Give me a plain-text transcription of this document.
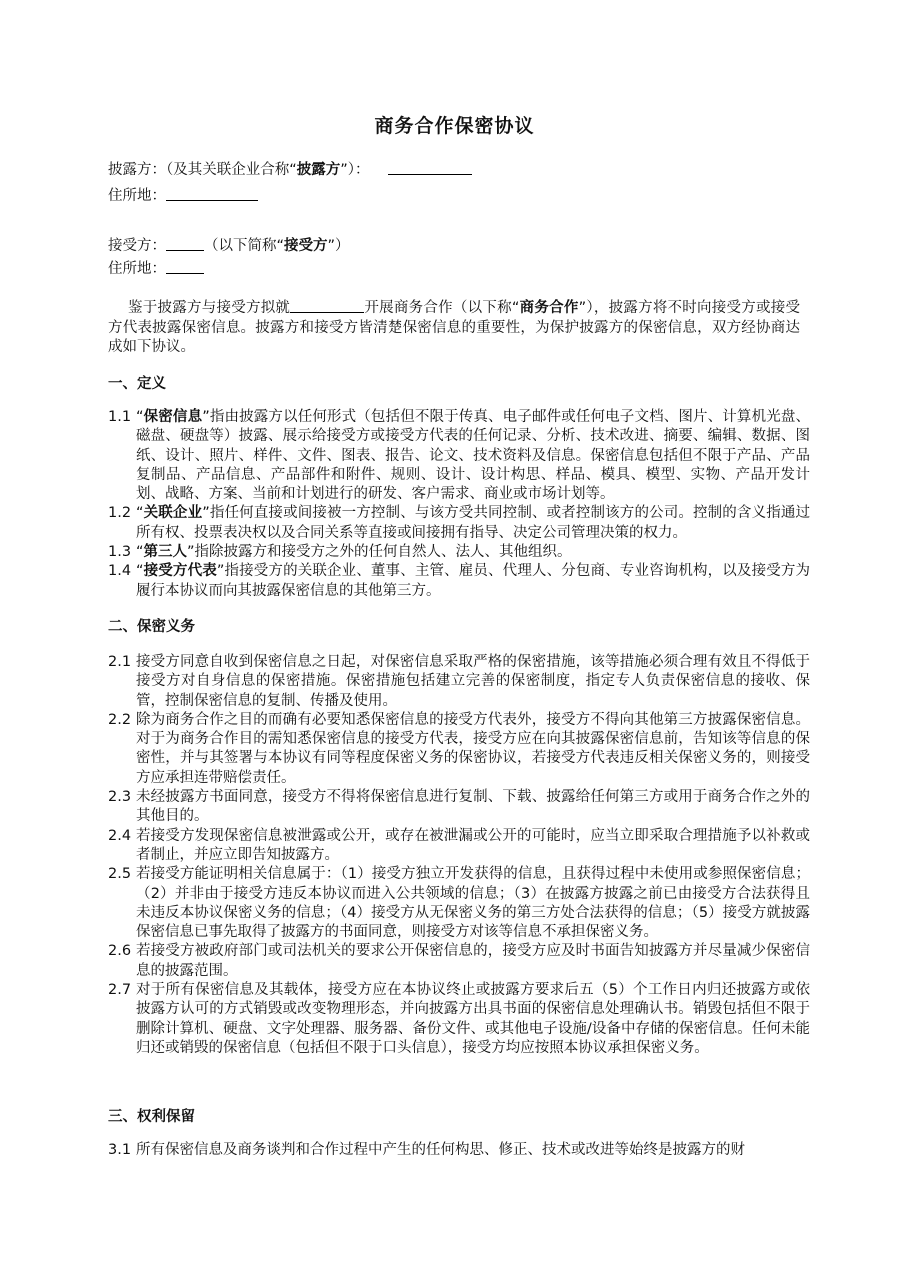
商务合作保密协议
披露方：（及其关联企业合称“披露方”）：
住所地：
接受方：	（以下简称“接受方”）
住所地：
鉴于披露方与接受方拟就	开展商务合作（以下称“商务合作”），披露方将不时向接受方或接受方代表披露保密信息。披露方和接受方皆清楚保密信息的重要性，为保护披露方的保密信息，双方经协商达成如下协议。
一、定义
1.1 “保密信息”指由披露方以任何形式（包括但不限于传真、电子邮件或任何电子文档、图片、计算机光盘、磁盘、硬盘等）披露、展示给接受方或接受方代表的任何记录、分析、技术改进、摘要、编辑、数据、图纸、设计、照片、样件、文件、图表、报告、论文、技术资料及信息。保密信息包括但不限于产品、产品复制品、产品信息、产品部件和附件、规则、设计、设计构思、样品、模具、模型、实物、产品开发计划、战略、方案、当前和计划进行的研发、客户需求、商业或市场计划等。
1.2 “关联企业”指任何直接或间接被一方控制、与该方受共同控制、或者控制该方的公司。控制的含义指通过所有权、投票表决权以及合同关系等直接或间接拥有指导、决定公司管理决策的权力。
1.3 “第三人”指除披露方和接受方之外的任何自然人、法人、其他组织。
1.4 “接受方代表”指接受方的关联企业、董事、主管、雇员、代理人、分包商、专业咨询机构，以及接受方为履行本协议而向其披露保密信息的其他第三方。
二、保密义务
2.1 接受方同意自收到保密信息之日起，对保密信息采取严格的保密措施，该等措施必须合理有效且不得低于接受方对自身信息的保密措施。保密措施包括建立完善的保密制度，指定专人负责保密信息的接收、保管，控制保密信息的复制、传播及使用。
2.2 除为商务合作之目的而确有必要知悉保密信息的接受方代表外，接受方不得向其他第三方披露保密信息。对于为商务合作目的需知悉保密信息的接受方代表，接受方应在向其披露保密信息前，告知该等信息的保密性，并与其签署与本协议有同等程度保密义务的保密协议，若接受方代表违反相关保密义务的，则接受方应承担连带赔偿责任。
2.3 未经披露方书面同意，接受方不得将保密信息进行复制、下载、披露给任何第三方或用于商务合作之外的其他目的。
2.4 若接受方发现保密信息被泄露或公开，或存在被泄漏或公开的可能时，应当立即采取合理措施予以补救或者制止，并应立即告知披露方。
2.5 若接受方能证明相关信息属于：（1）接受方独立开发获得的信息，且获得过程中未使用或参照保密信息；（2）并非由于接受方违反本协议而进入公共领域的信息；（3）在披露方披露之前已由接受方合法获得且未违反本协议保密义务的信息；（4）接受方从无保密义务的第三方处合法获得的信息；（5）接受方就披露保密信息已事先取得了披露方的书面同意，则接受方对该等信息不承担保密义务。
2.6 若接受方被政府部门或司法机关的要求公开保密信息的，接受方应及时书面告知披露方并尽量减少保密信息的披露范围。
2.7 对于所有保密信息及其载体，接受方应在本协议终止或披露方要求后五（5）个工作日内归还披露方或依披露方认可的方式销毁或改变物理形态，并向披露方出具书面的保密信息处理确认书。销毁包括但不限于删除计算机、硬盘、文字处理器、服务器、备份文件、或其他电子设施/设备中存储的保密信息。任何未能归还或销毁的保密信息（包括但不限于口头信息），接受方均应按照本协议承担保密义务。
三、权利保留
3.1 所有保密信息及商务谈判和合作过程中产生的任何构思、修正、技术或改进等始终是披露方的财
